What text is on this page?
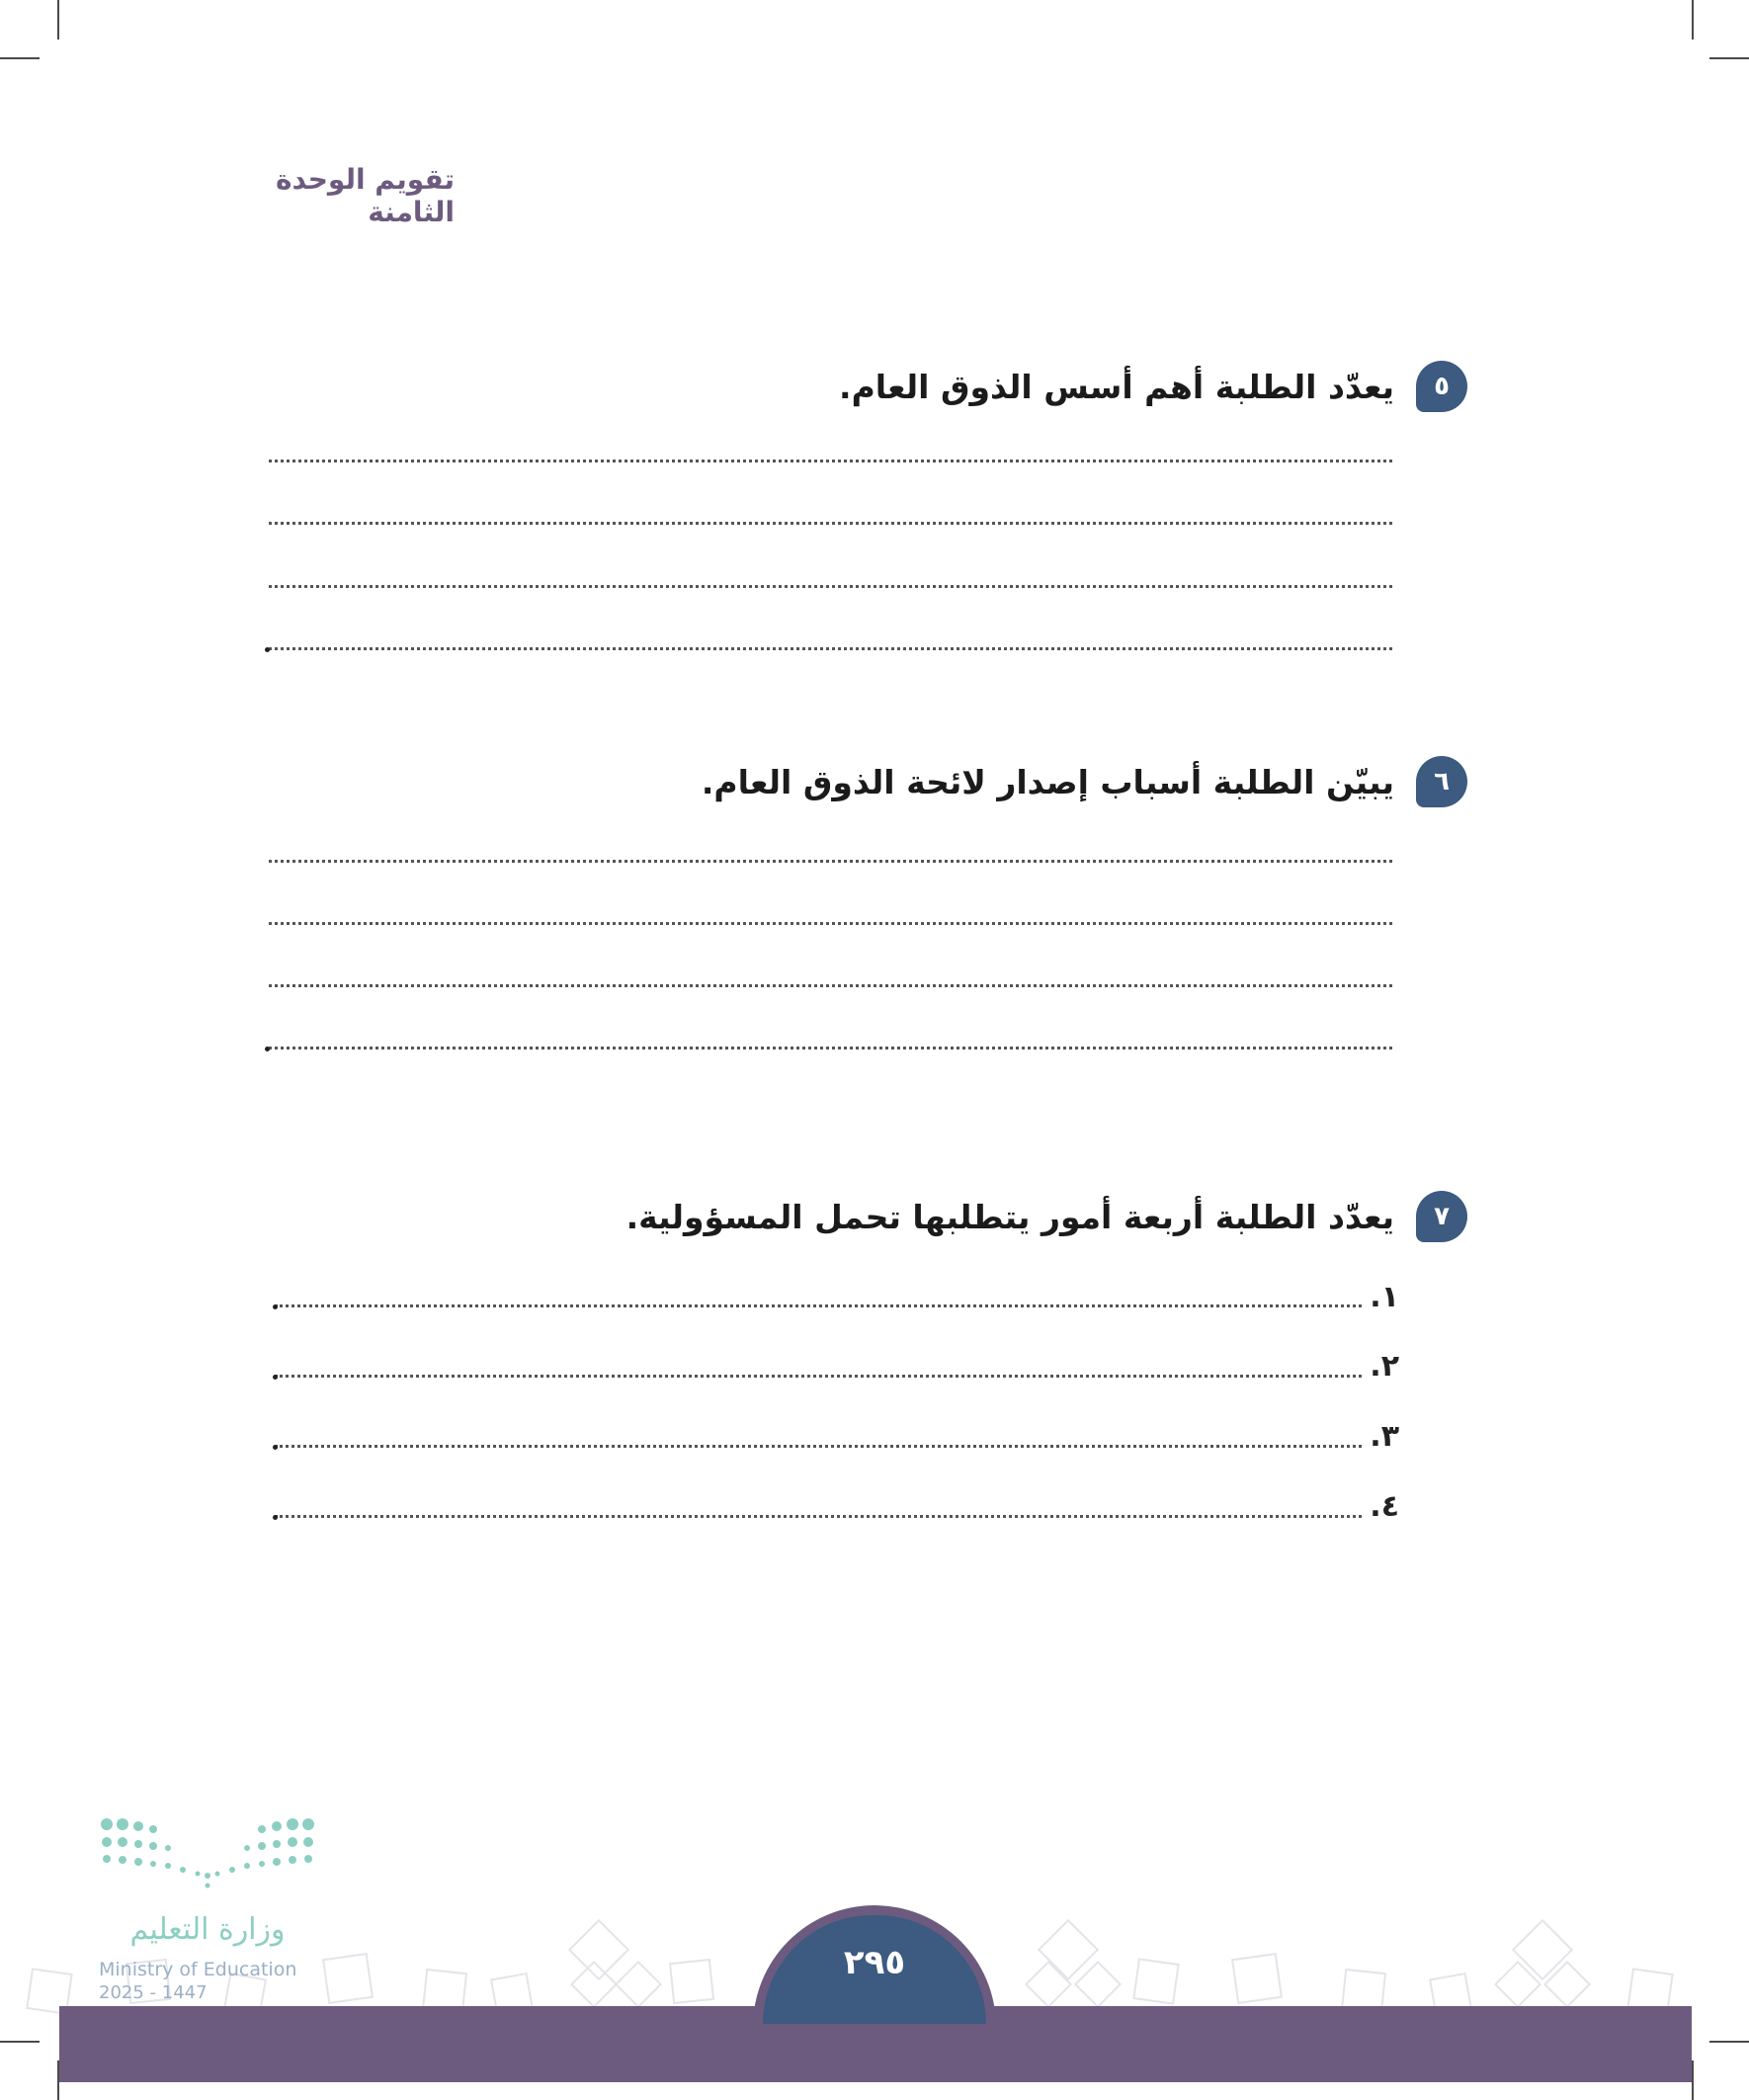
تقويم الوحدة الثامنة
٥
يعدّد الطلبة أهم أسس الذوق العام.
٦
يبيّن الطلبة أسباب إصدار لائحة الذوق العام.
٧
يعدّد الطلبة أربعة أمور يتطلبها تحمل المسؤولية.
١.
٢.
٣.
٤.
٢٩٥
وزارة التعليم
Ministry of Education
2025 - 1447
